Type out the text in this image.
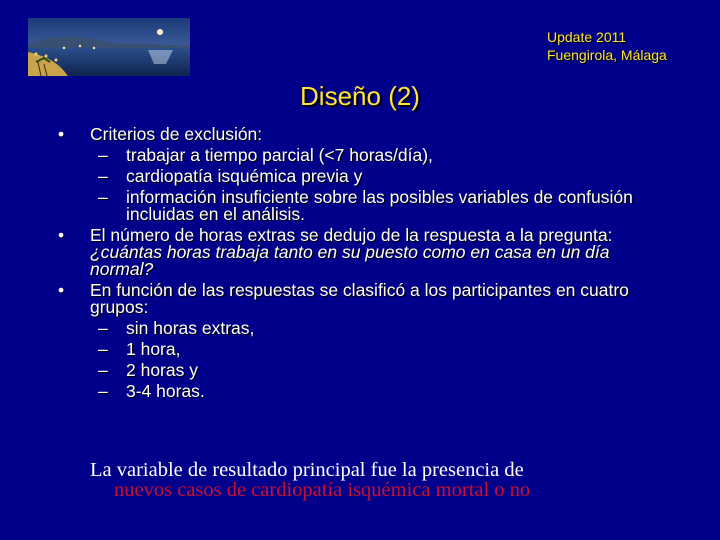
Update 2011
Fuengirola, Málaga
Diseño (2)
• Criterios de exclusión:
– trabajar a tiempo parcial (<7 horas/día),
– cardiopatía isquémica previa y
– información insuficiente sobre las posibles variables de confusión incluidas en el análisis.
• El número de horas extras se dedujo de la respuesta a la pregunta: ¿cuántas horas trabaja tanto en su puesto como en casa en un día normal?
• En función de las respuestas se clasificó a los participantes en cuatro grupos:
– sin horas extras,
– 1 hora,
– 2 horas y
– 3-4 horas.
La variable de resultado principal fue la presencia de
nuevos casos de cardiopatía isquémica mortal o no
